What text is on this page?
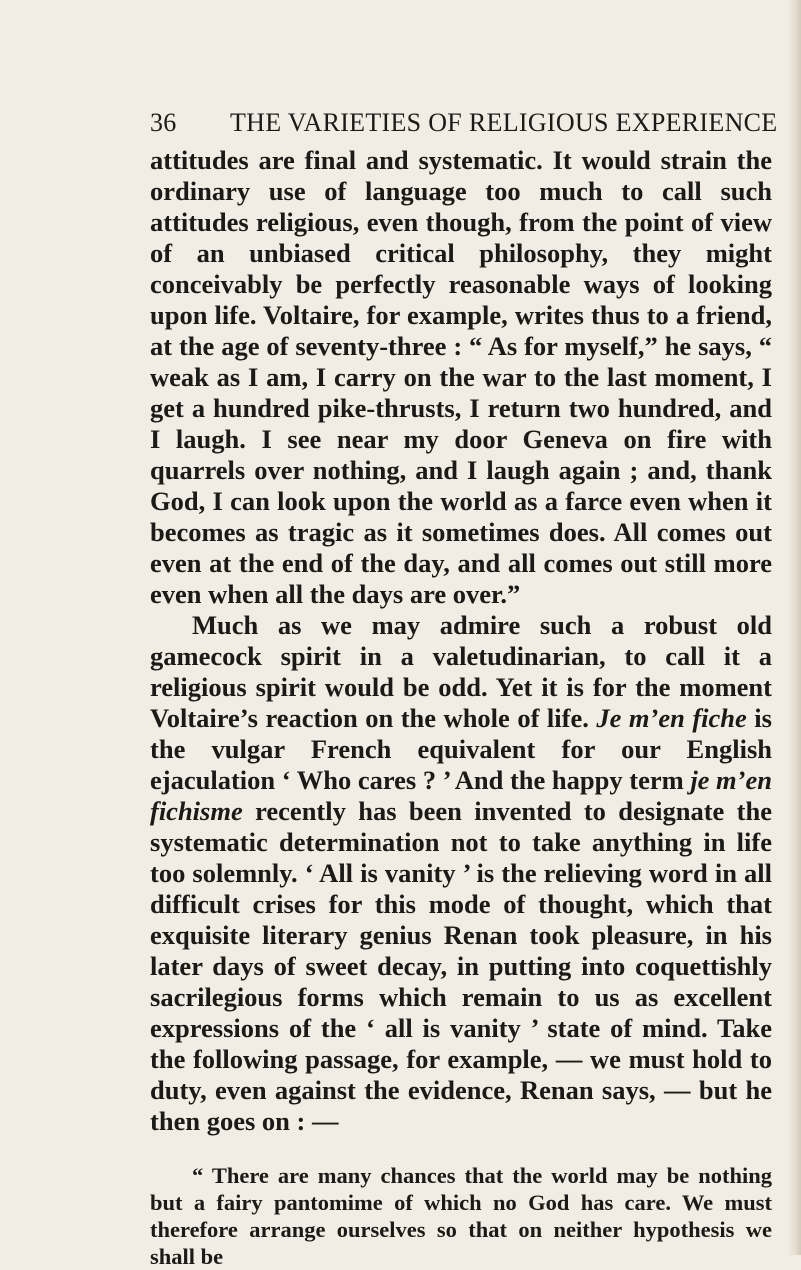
36 THE VARIETIES OF RELIGIOUS EXPERIENCE

attitudes are final and systematic. It would strain the ordinary use of language too much to call such attitudes religious, even though, from the point of view of an unbiased critical philosophy, they might conceivably be perfectly reasonable ways of looking upon life. Voltaire, for example, writes thus to a friend, at the age of seventy-three : “ As for myself,” he says, “ weak as I am, I carry on the war to the last moment, I get a hundred pike-thrusts, I return two hundred, and I laugh. I see near my door Geneva on fire with quarrels over nothing, and I laugh again ; and, thank God, I can look upon the world as a farce even when it becomes as tragic as it sometimes does. All comes out even at the end of the day, and all comes out still more even when all the days are over.”

Much as we may admire such a robust old gamecock spirit in a valetudinarian, to call it a religious spirit would be odd. Yet it is for the moment Voltaire’s reaction on the whole of life. Je m’en fiche is the vulgar French equivalent for our English ejaculation ‘ Who cares ? ’ And the happy term je m’en fichisme recently has been invented to designate the systematic determination not to take anything in life too solemnly. ‘ All is vanity ’ is the relieving word in all difficult crises for this mode of thought, which that exquisite literary genius Renan took pleasure, in his later days of sweet decay, in putting into coquettishly sacrilegious forms which remain to us as excellent expressions of the ‘ all is vanity ’ state of mind. Take the following passage, for example, — we must hold to duty, even against the evidence, Renan says, — but he then goes on : —

“ There are many chances that the world may be nothing but a fairy pantomime of which no God has care. We must therefore arrange ourselves so that on neither hypothesis we shall be
